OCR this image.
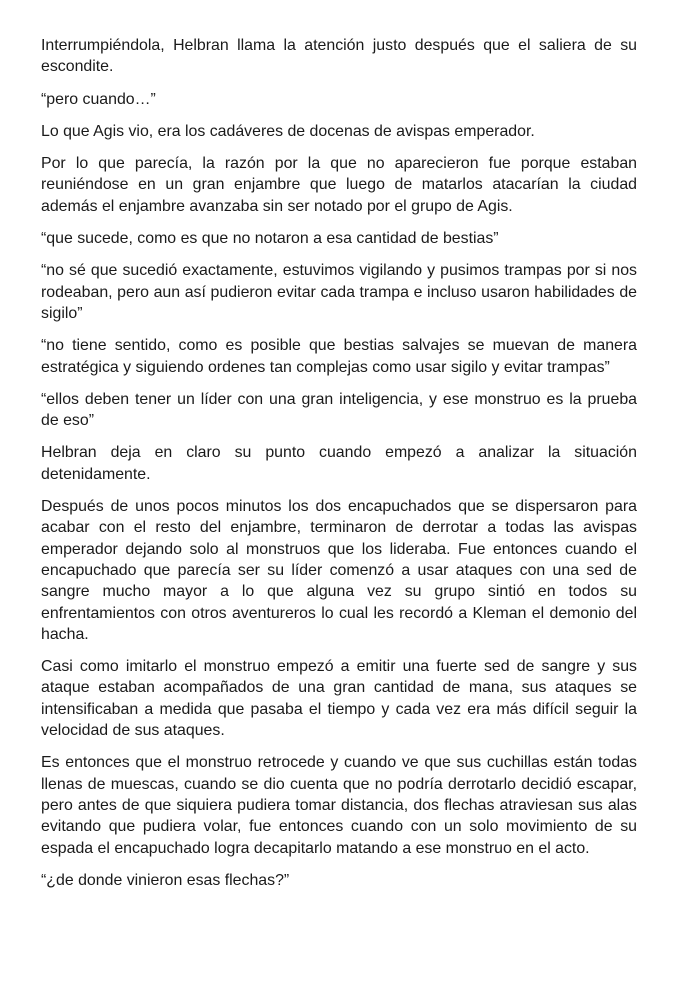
Interrumpiéndola, Helbran llama la atención justo después que el saliera de su escondite.

“pero cuando…”

Lo que Agis vio, era los cadáveres de docenas de avispas emperador.

Por lo que parecía, la razón por la que no aparecieron fue porque estaban reuniéndose en un gran enjambre que luego de matarlos atacarían la ciudad además el enjambre avanzaba sin ser notado por el grupo de Agis.

“que sucede, como es que no notaron a esa cantidad de bestias”

“no sé que sucedió exactamente, estuvimos vigilando y pusimos trampas por si nos rodeaban, pero aun así pudieron evitar cada trampa e incluso usaron habilidades de sigilo”

“no tiene sentido, como es posible que bestias salvajes se muevan de manera estratégica y siguiendo ordenes tan complejas como usar sigilo y evitar trampas”

“ellos deben tener un líder con una gran inteligencia, y ese monstruo es la prueba de eso”

Helbran deja en claro su punto cuando empezó a analizar la situación detenidamente.

Después de unos pocos minutos los dos encapuchados que se dispersaron para acabar con el resto del enjambre, terminaron de derrotar a todas las avispas emperador dejando solo al monstruos que los lideraba. Fue entonces cuando el encapuchado que parecía ser su líder comenzó a usar ataques con una sed de sangre mucho mayor a lo que alguna vez su grupo sintió en todos su enfrentamientos con otros aventureros lo cual les recordó a Kleman el demonio del hacha.

Casi como imitarlo el monstruo empezó a emitir una fuerte sed de sangre y sus ataque estaban acompañados de una gran cantidad de mana, sus ataques se intensificaban a medida que pasaba el tiempo y cada vez era más difícil seguir la velocidad de sus ataques.

Es entonces que el monstruo retrocede y cuando ve que sus cuchillas están todas llenas de muescas, cuando se dio cuenta que no podría derrotarlo decidió escapar, pero antes de que siquiera pudiera tomar distancia, dos flechas atraviesan sus alas evitando que pudiera volar, fue entonces cuando con un solo movimiento de su espada el encapuchado logra decapitarlo matando a ese monstruo en el acto.

“¿de donde vinieron esas flechas?”
